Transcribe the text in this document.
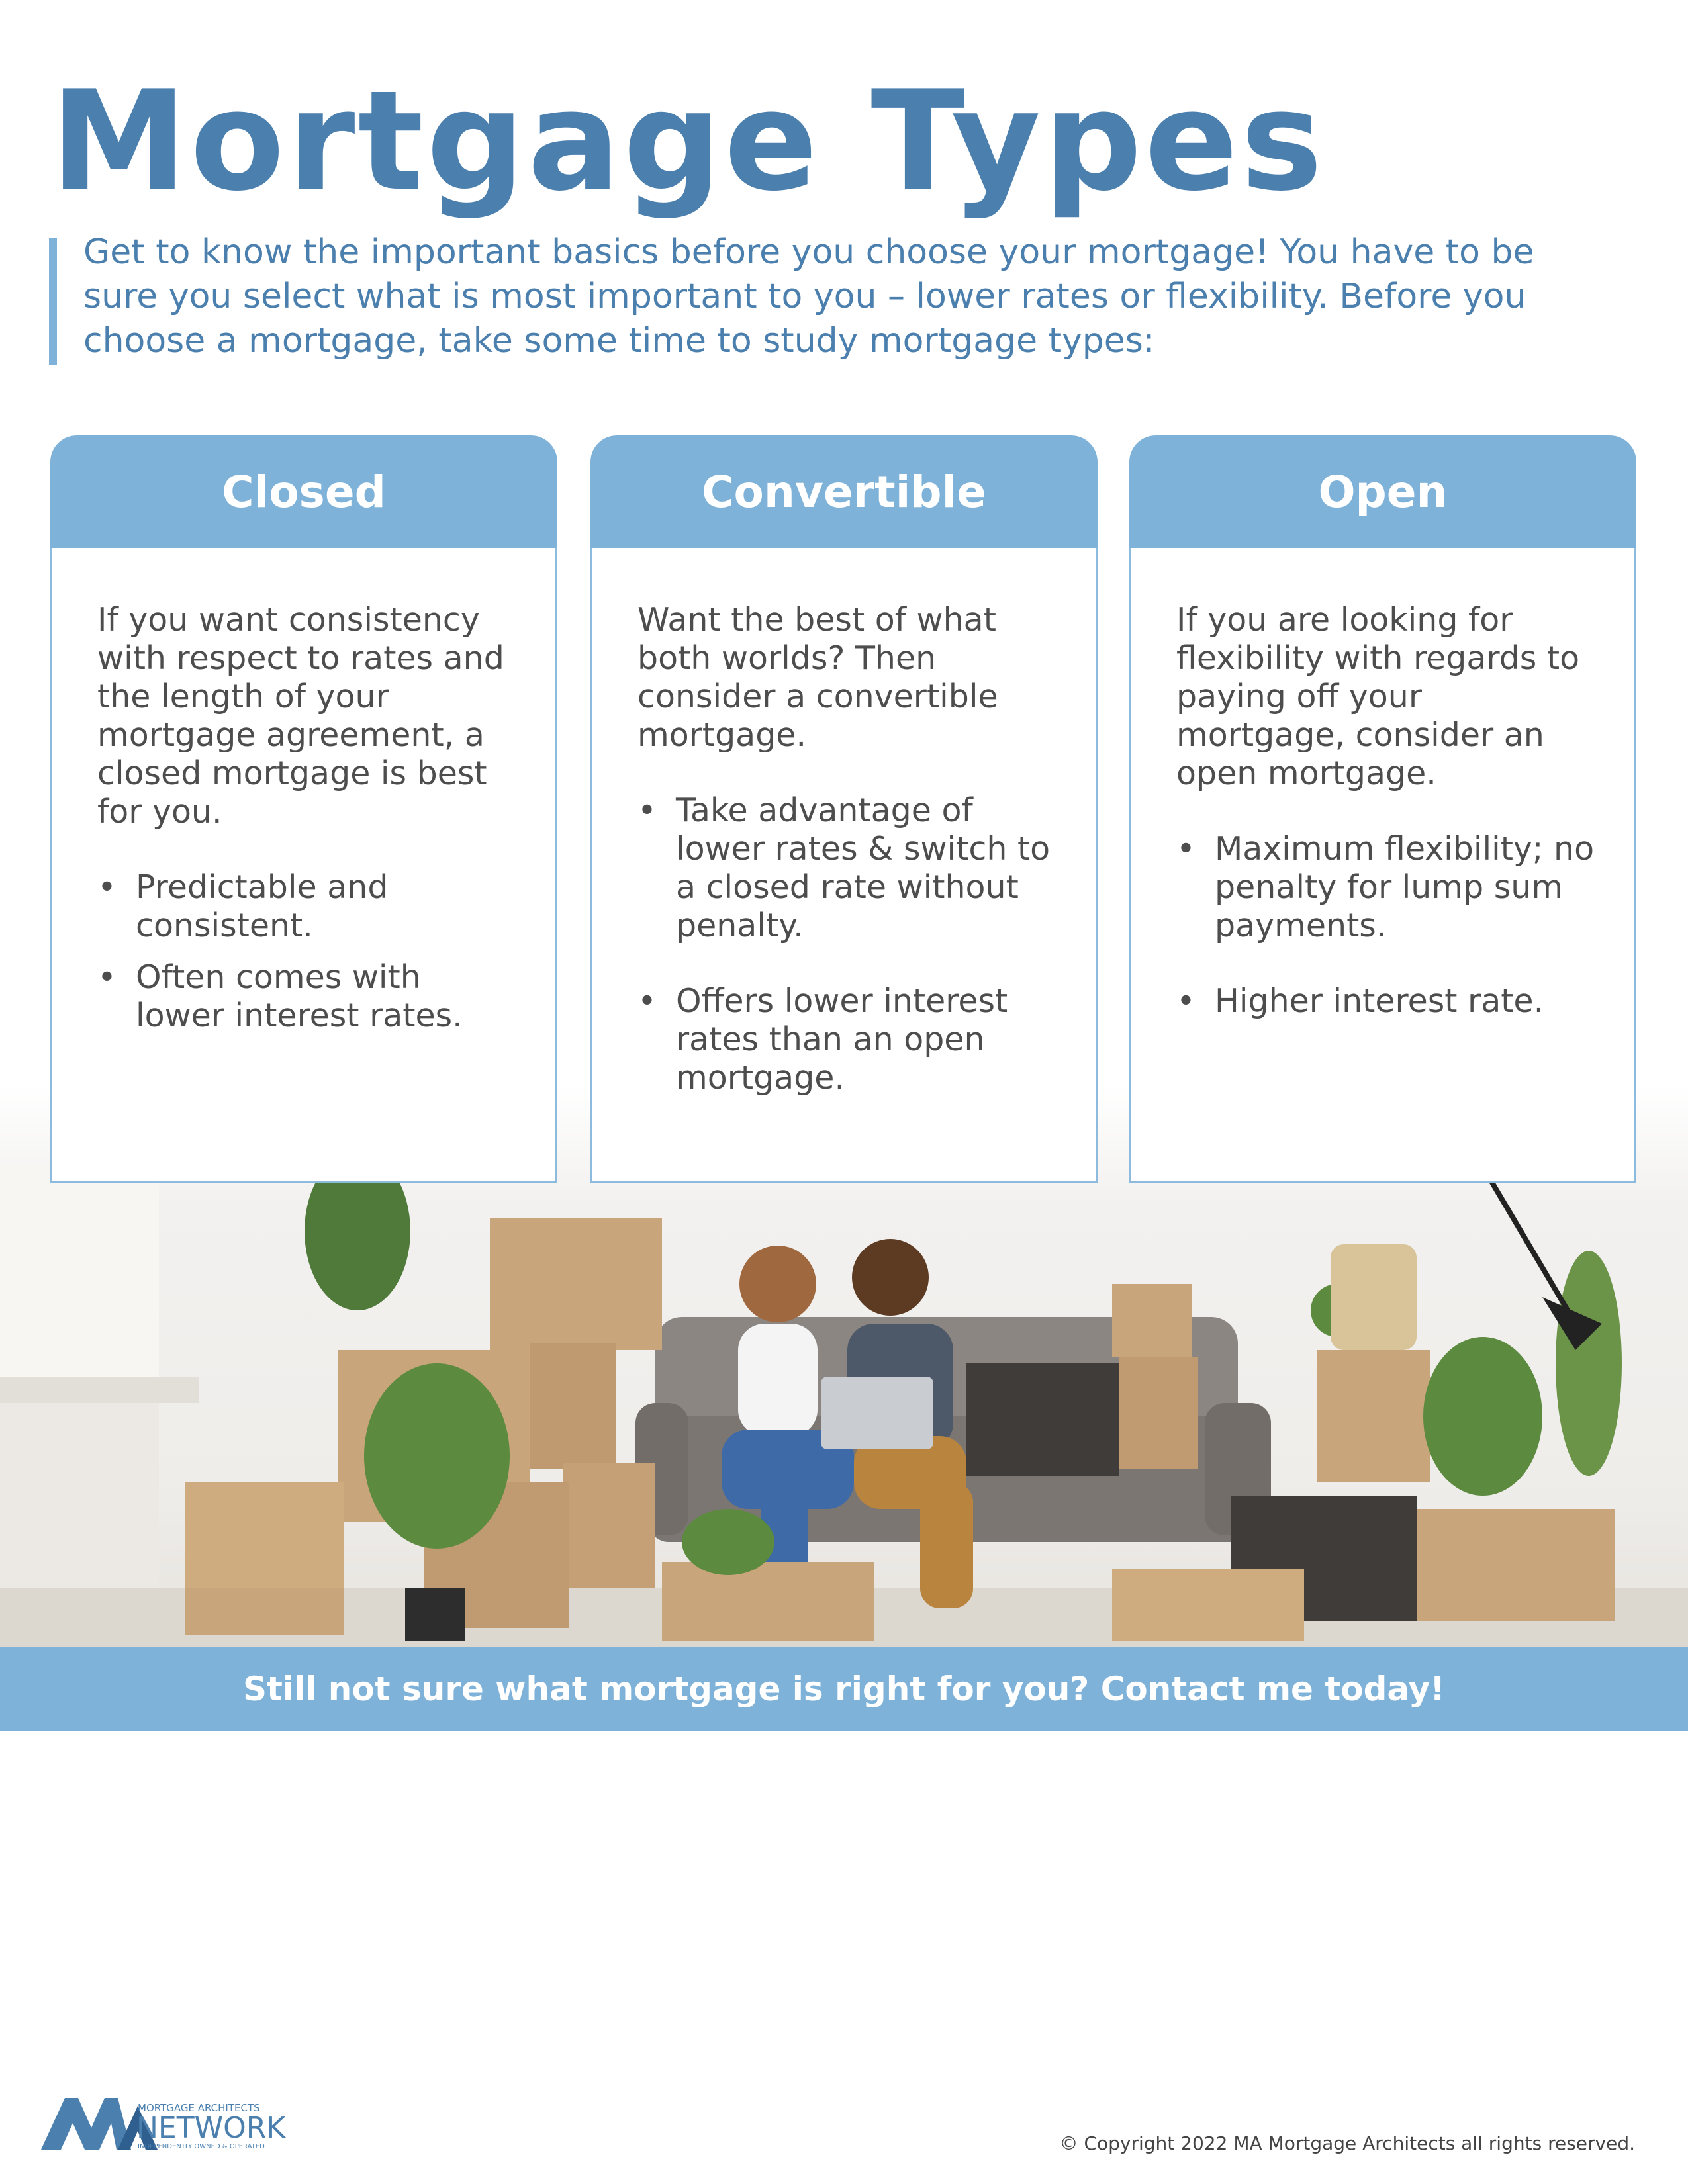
Mortgage Types
Get to know the important basics before you choose your mortgage! You have to be sure you select what is most important to you – lower rates or flexibility. Before you choose a mortgage, take some time to study mortgage types:
Closed

If you want consistency with respect to rates and the length of your mortgage agreement, a closed mortgage is best for you.

• Predictable and consistent.
• Often comes with lower interest rates.
Convertible

Want the best of what both worlds? Then consider a convertible mortgage.

• Take advantage of lower rates & switch to a closed rate without penalty.
• Offers lower interest rates than an open mortgage.
Open

If you are looking for flexibility with regards to paying off your mortgage, consider an open mortgage.

• Maximum flexibility; no penalty for lump sum payments.
• Higher interest rate.
Still not sure what mortgage is right for you? Contact me today!
MORTGAGE ARCHITECTS
NETWORK
INDEPENDENTLY OWNED & OPERATED	© Copyright 2022 MA Mortgage Architects all rights reserved.
